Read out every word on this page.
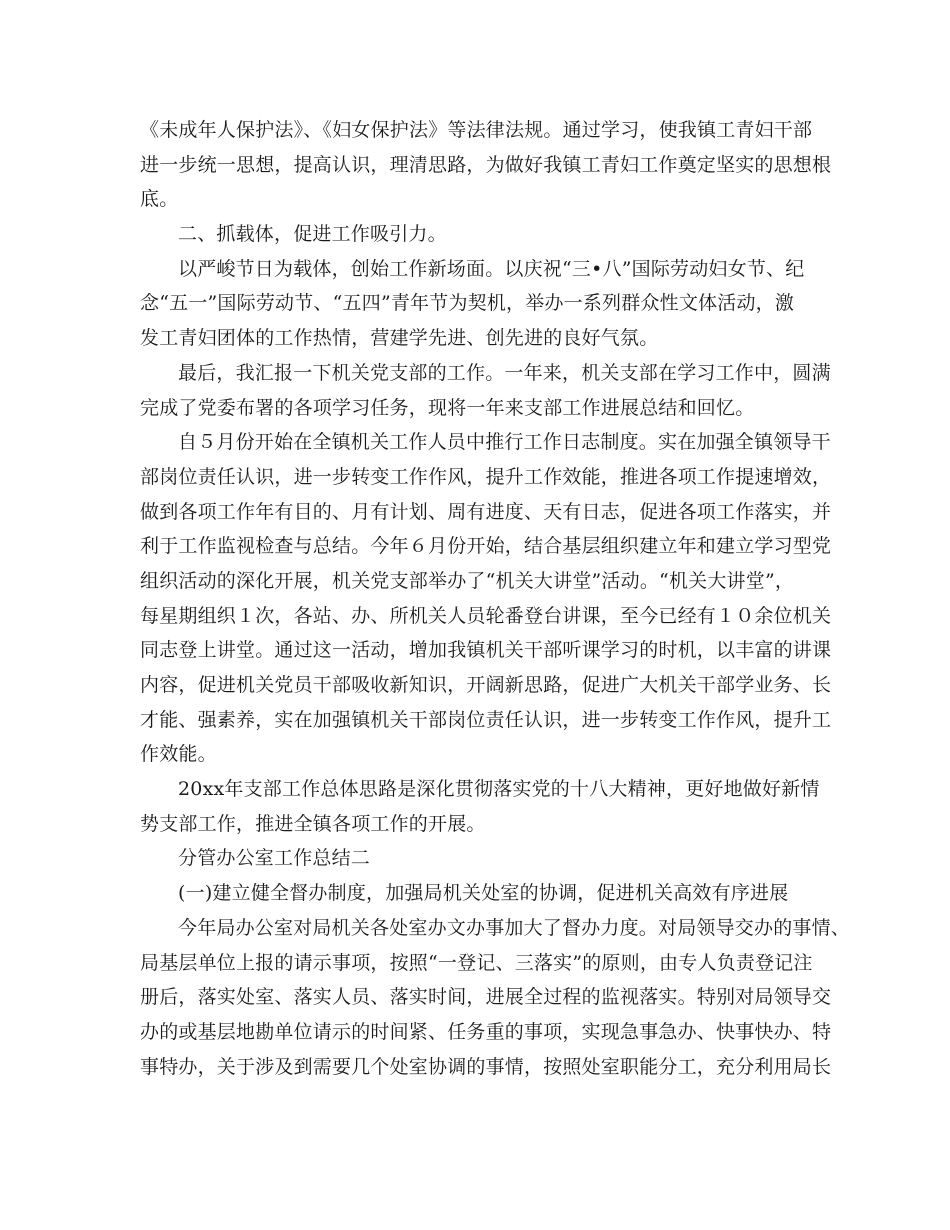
《未成年人保护法》、《妇女保护法》等法律法规。通过学习，使我镇工青妇干部
进一步统一思想，提高认识，理清思路，为做好我镇工青妇工作奠定坚实的思想根
底。
二、抓载体，促进工作吸引力。
以严峻节日为载体，创始工作新场面。以庆祝“三•八”国际劳动妇女节、纪
念“五一”国际劳动节、“五四”青年节为契机，举办一系列群众性文体活动，激
发工青妇团体的工作热情，营建学先进、创先进的良好气氛。
最后，我汇报一下机关党支部的工作。一年来，机关支部在学习工作中，圆满
完成了党委布署的各项学习任务，现将一年来支部工作进展总结和回忆。
自５月份开始在全镇机关工作人员中推行工作日志制度。实在加强全镇领导干
部岗位责任认识，进一步转变工作作风，提升工作效能，推进各项工作提速增效，
做到各项工作年有目的、月有计划、周有进度、天有日志，促进各项工作落实，并
利于工作监视检查与总结。今年６月份开始，结合基层组织建立年和建立学习型党
组织活动的深化开展，机关党支部举办了“机关大讲堂”活动。“机关大讲堂”，
每星期组织１次，各站、办、所机关人员轮番登台讲课，至今已经有１０余位机关
同志登上讲堂。通过这一活动，增加我镇机关干部听课学习的时机，以丰富的讲课
内容，促进机关党员干部吸收新知识，开阔新思路，促进广大机关干部学业务、长
才能、强素养，实在加强镇机关干部岗位责任认识，进一步转变工作作风，提升工
作效能。
20xx年支部工作总体思路是深化贯彻落实党的十八大精神，更好地做好新情
势支部工作，推进全镇各项工作的开展。
分管办公室工作总结二
(一)建立健全督办制度，加强局机关处室的协调，促进机关高效有序进展
今年局办公室对局机关各处室办文办事加大了督办力度。对局领导交办的事情、
局基层单位上报的请示事项，按照“一登记、三落实”的原则，由专人负责登记注
册后，落实处室、落实人员、落实时间，进展全过程的监视落实。特别对局领导交
办的或基层地勘单位请示的时间紧、任务重的事项，实现急事急办、快事快办、特
事特办，关于涉及到需要几个处室协调的事情，按照处室职能分工，充分利用局长
